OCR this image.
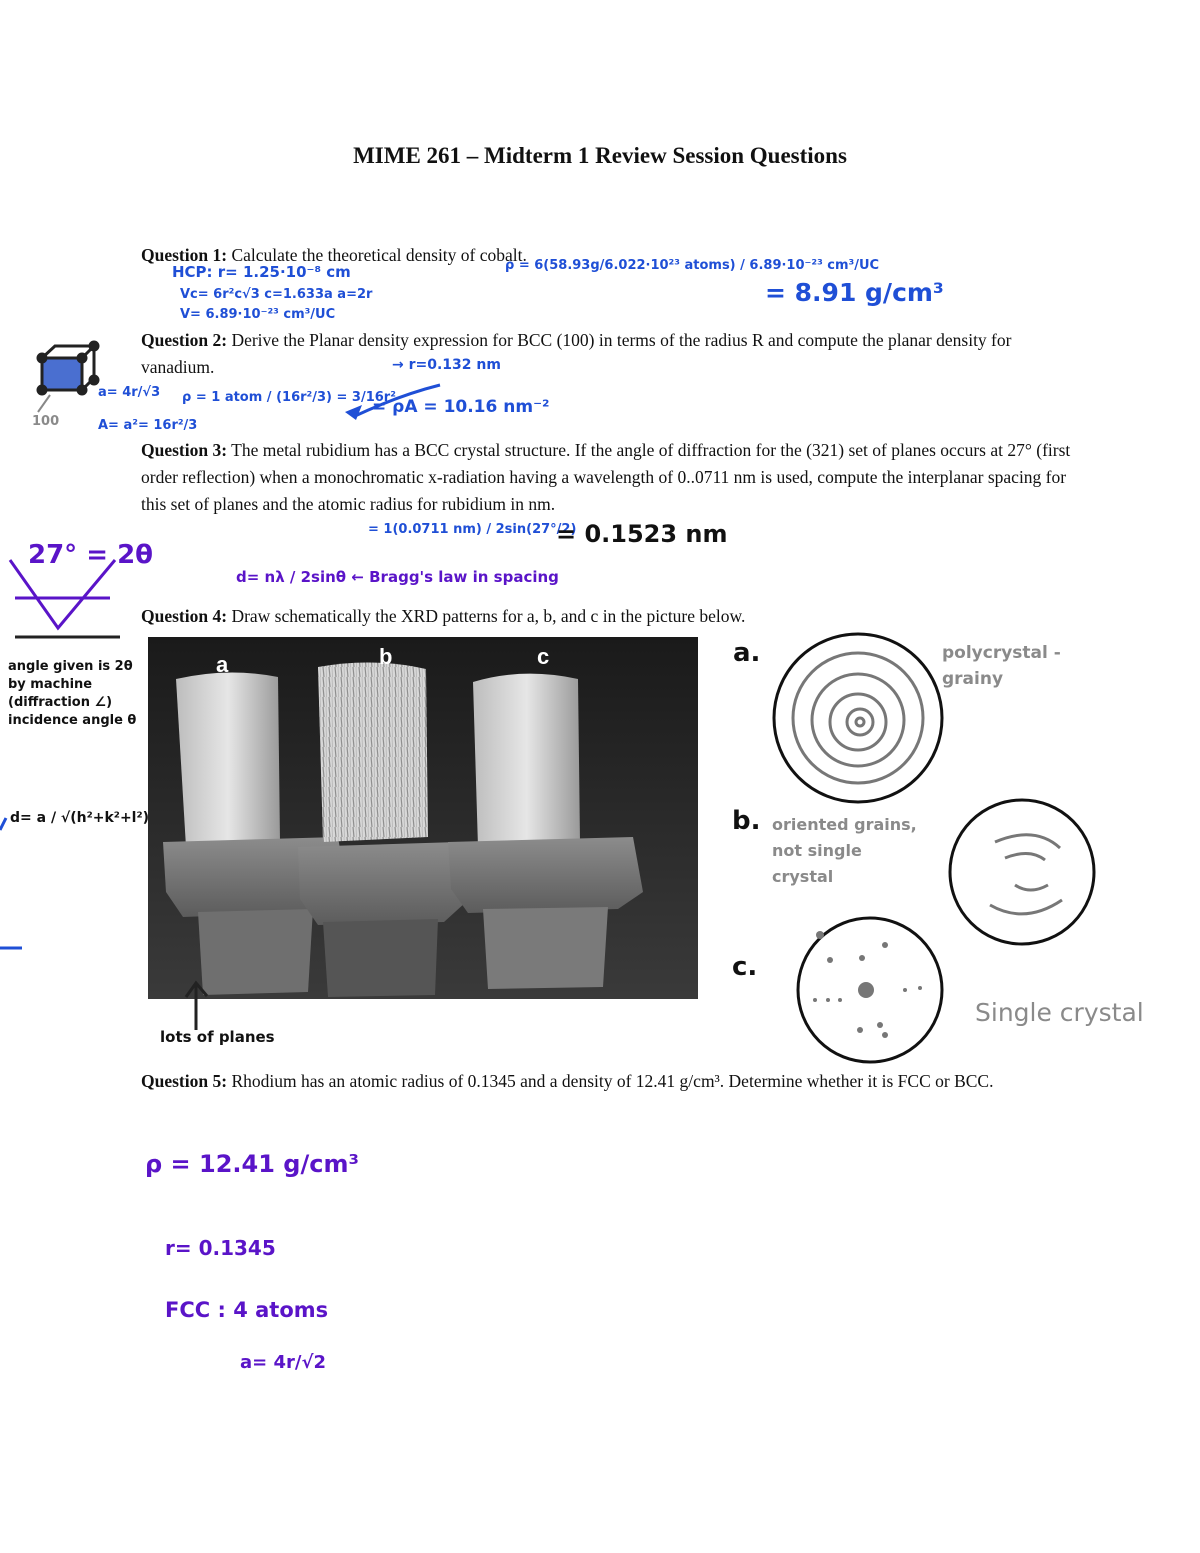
MIME 261 – Midterm 1 Review Session Questions
Question 1: Calculate the theoretical density of cobalt.
Question 2: Derive the Planar density expression for BCC (100) in terms of the radius R and compute the planar density for vanadium.
Question 3: The metal rubidium has a BCC crystal structure. If the angle of diffraction for the (321) set of planes occurs at 27° (first order reflection) when a monochromatic x-radiation having a wavelength of 0..0711 nm is used, compute the interplanar spacing for this set of planes and the atomic radius for rubidium in nm.
Question 4: Draw schematically the XRD patterns for a, b, and c in the picture below.
Question 5: Rhodium has an atomic radius of 0.1345 and a density of 12.41 g/cm³. Determine whether it is FCC or BCC.
a	b	c
HCP: r= 1.25·10⁻⁸ cm
Vc= 6r²c√3 c=1.633a a=2r
V= 6.89·10⁻²³ cm³/UC
ρ = 6(58.93g/6.022·10²³ atoms) / 6.89·10⁻²³ cm³/UC
= 8.91 g/cm³
→ r=0.132 nm
a= 4r/√3
A= a²= 16r²/3
ρ = 1 atom / (16r²/3) = 3/16r²
= ρA = 10.16 nm⁻²
100
= 1(0.0711 nm) / 2sin(27°/2)
= 0.1523 nm
27° = 2θ
d= nλ / 2sinθ ← Bragg's law in spacing
angle given is 2θ by machine (diffraction ∠) incidence angle θ
d= a / √(h²+k²+l²)
lots of planes
a.	polycrystal -grainy
b. oriented grains, not single crystal
c.
Single crystal
ρ = 12.41 g/cm³
r= 0.1345
FCC : 4 atoms
a= 4r/√2
